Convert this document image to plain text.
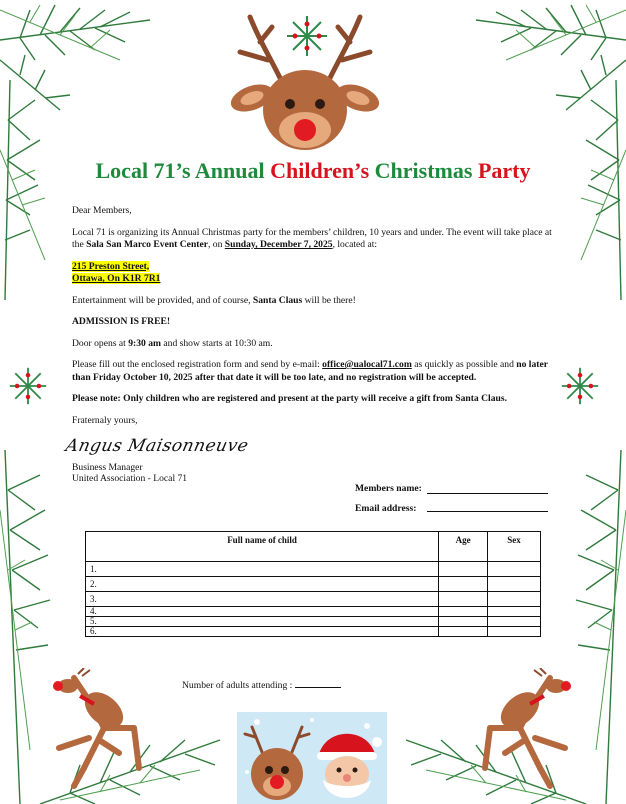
Local 71’s Annual Children’s Christmas Party

Dear Members,

Local 71 is organizing its Annual Christmas party for the members’ children, 10 years and under. The event will take place at the Sala San Marco Event Center, on Sunday, December 7, 2025, located at:

215 Preston Street,
Ottawa, On K1R 7R1

Entertainment will be provided, and of course, Santa Claus will be there!

ADMISSION IS FREE!

Door opens at 9:30 am and show starts at 10:30 am.

Please fill out the enclosed registration form and send by e-mail: office@ualocal71.com as quickly as possible and no later than Friday October 10, 2025 after that date it will be too late, and no registration will be accepted.

Please note: Only children who are registered and present at the party will receive a gift from Santa Claus.

Fraternaly yours,

Angus Maisonneuve
Business Manager
United Association - Local 71
Members name:
Email address:
Full name of child	Age	Sex
1.		
2.		
3.		
4.		
5.		
6.		
Number of adults attending :
